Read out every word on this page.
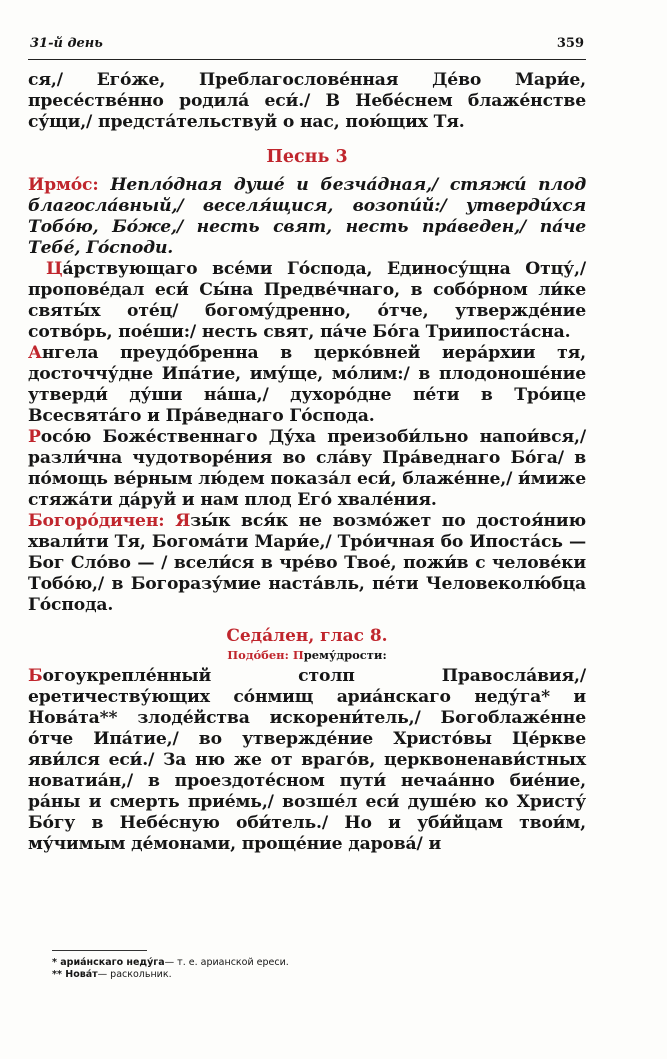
31-й день	359

ся,/ Его́же, Преблагослове́нная Де́во Мари́е, пресе́стве́нно родила́ еси́./ В Небе́снем блаже́нстве су́щи,/ предста́тельствуй о нас, пою́щих Тя.

Песнь 3

Ирмо́с: Неплóдная душе́ и безча́дная,/ стяжи́ плод благосла́вный,/ веселя́щися, возопи́й:/ утверди́хся Тобо́ю, Бо́же,/ несть свят, несть пра́веден,/ па́че Тебе́, Го́споди.

Ца́рствующаго все́ми Го́спода, Единосу́щна Отцу́,/ пропове́дал еси́ Сы́на Предве́чнаго, в собо́рном ли́ке святы́х оте́ц/ богому́дренно, о́тче, утвержде́ние сотво́рь, пое́ши:/ несть свят, па́че Бо́га Триипоста́сна.

Ангела преудо́бренна в церко́вней иера́рхии тя, досточчу́дне Ипа́тие, иму́ще, мо́лим:/ в плодоноше́ние утверди́ ду́ши на́ша,/ духоро́дне пе́ти в Тро́ице Всесвята́го и Пра́веднаго Го́спода.

Росо́ю Боже́ственнаго Ду́ха преизоби́льно напои́вся,/ разли́чна чудотворе́ния во сла́ву Пра́веднаго Бо́га/ в по́мощь ве́рным лю́дем показа́л еси́, блаже́нне,/ и́миже стяжа́ти да́руй и нам плод Его́ хвале́ния.

Богоро́дичен: Язы́к вся́к не возмо́жет по достоя́нию хвали́ти Тя, Богома́ти Мари́е,/ Тро́ичная бо Ипоста́сь — Бог Сло́во — / всели́ся в чре́во Твое́, пожи́в с челове́ки Тобо́ю,/ в Богоразу́мие наста́вль, пе́ти Человеколю́бца Го́спода.

Седа́лен, глас 8.
Подо́бен: Прему́дрости:

Богоукрепле́нный столп Правосла́вия,/ еретичеству́ющих со́нмищ ариа́нскаго неду́га* и Нова́та** злоде́йства искорени́тель,/ Богоблаже́нне о́тче Ипа́тие,/ во утвержде́ние Христо́вы Це́ркве яви́лся еси́./ За ню же от враго́в, церквоненави́стных новатиа́н,/ в проездоте́сном пути́ нечаа́нно бие́ние, ра́ны и смерть прие́мь,/ возше́л еси́ душе́ю ко Христу́ Бо́гу в Небе́сную оби́тель./ Но и уби́йцам твои́м, му́чимым де́монами, проще́ние дарова́/ и

* ариа́нскаго неду́га— т. е. арианской ереси.
** Нова́т— раскольник.
